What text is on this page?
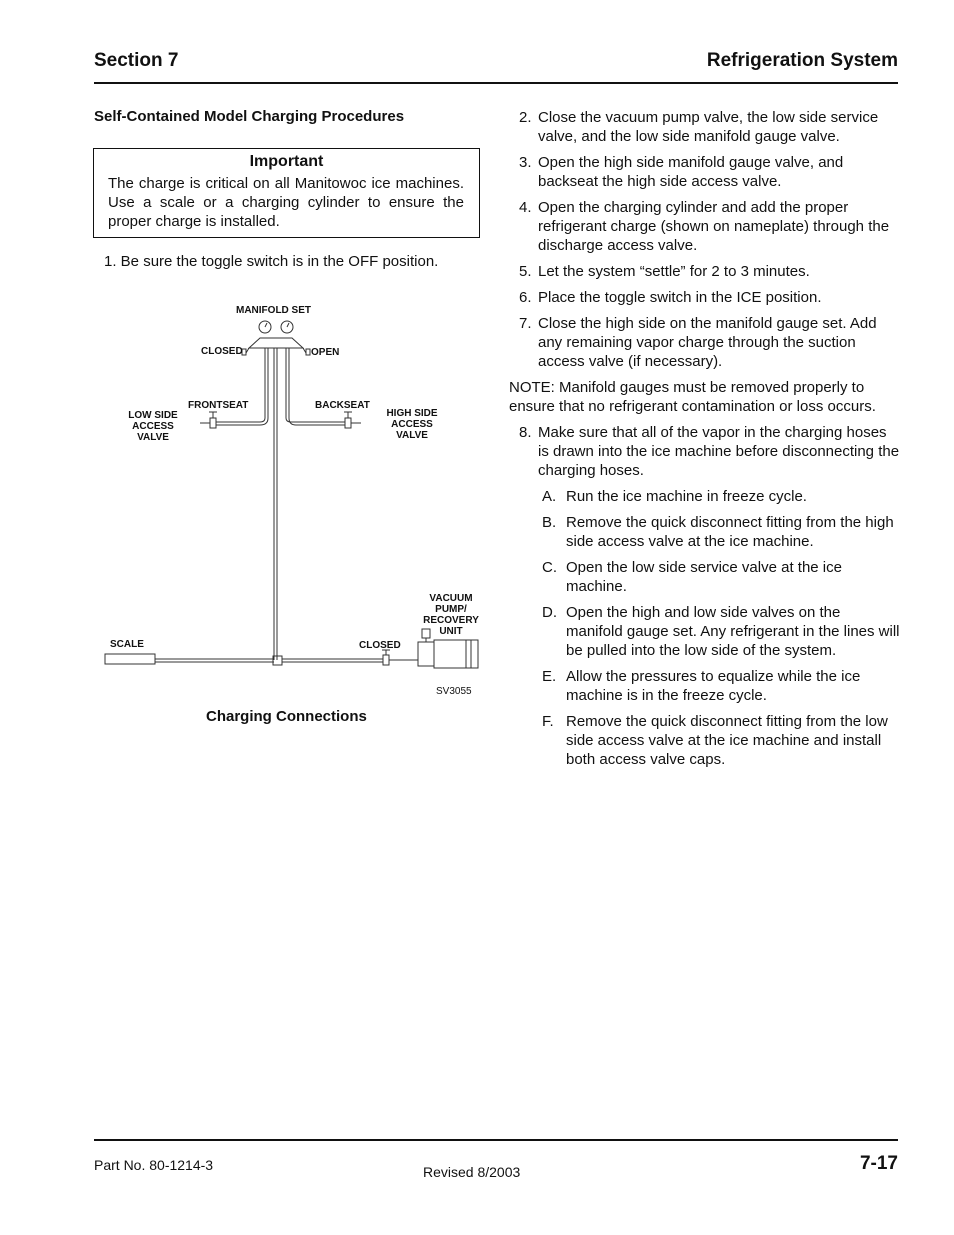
Section 7	Refrigeration System
Self-Contained Model Charging Procedures
Important
The charge is critical on all Manitowoc ice machines. Use a scale or a charging cylinder to ensure the proper charge is installed.
1. Be sure the toggle switch is in the OFF position.
MANIFOLD SET
CLOSED	OPEN
FRONTSEAT	BACKSEAT
LOW SIDE
ACCESS
VALVE
HIGH SIDE
ACCESS
VALVE
VACUUM
PUMP/
RECOVERY
UNIT
SCALE	CLOSED
SV3055
Charging Connections
2. Close the vacuum pump valve, the low side service valve, and the low side manifold gauge valve.
3. Open the high side manifold gauge valve, and backseat the high side access valve.
4. Open the charging cylinder and add the proper refrigerant charge (shown on nameplate) through the discharge access valve.
5. Let the system “settle” for 2 to 3 minutes.
6. Place the toggle switch in the ICE position.
7. Close the high side on the manifold gauge set. Add any remaining vapor charge through the suction access valve (if necessary).
NOTE: Manifold gauges must be removed properly to ensure that no refrigerant contamination or loss occurs.
8. Make sure that all of the vapor in the charging hoses is drawn into the ice machine before disconnecting the charging hoses.
A. Run the ice machine in freeze cycle.
B. Remove the quick disconnect fitting from the high side access valve at the ice machine.
C. Open the low side service valve at the ice machine.
D. Open the high and low side valves on the manifold gauge set. Any refrigerant in the lines will be pulled into the low side of the system.
E. Allow the pressures to equalize while the ice machine is in the freeze cycle.
F. Remove the quick disconnect fitting from the low side access valve at the ice machine and install both access valve caps.
Part No. 80-1214-3	Revised 8/2003	7-17
